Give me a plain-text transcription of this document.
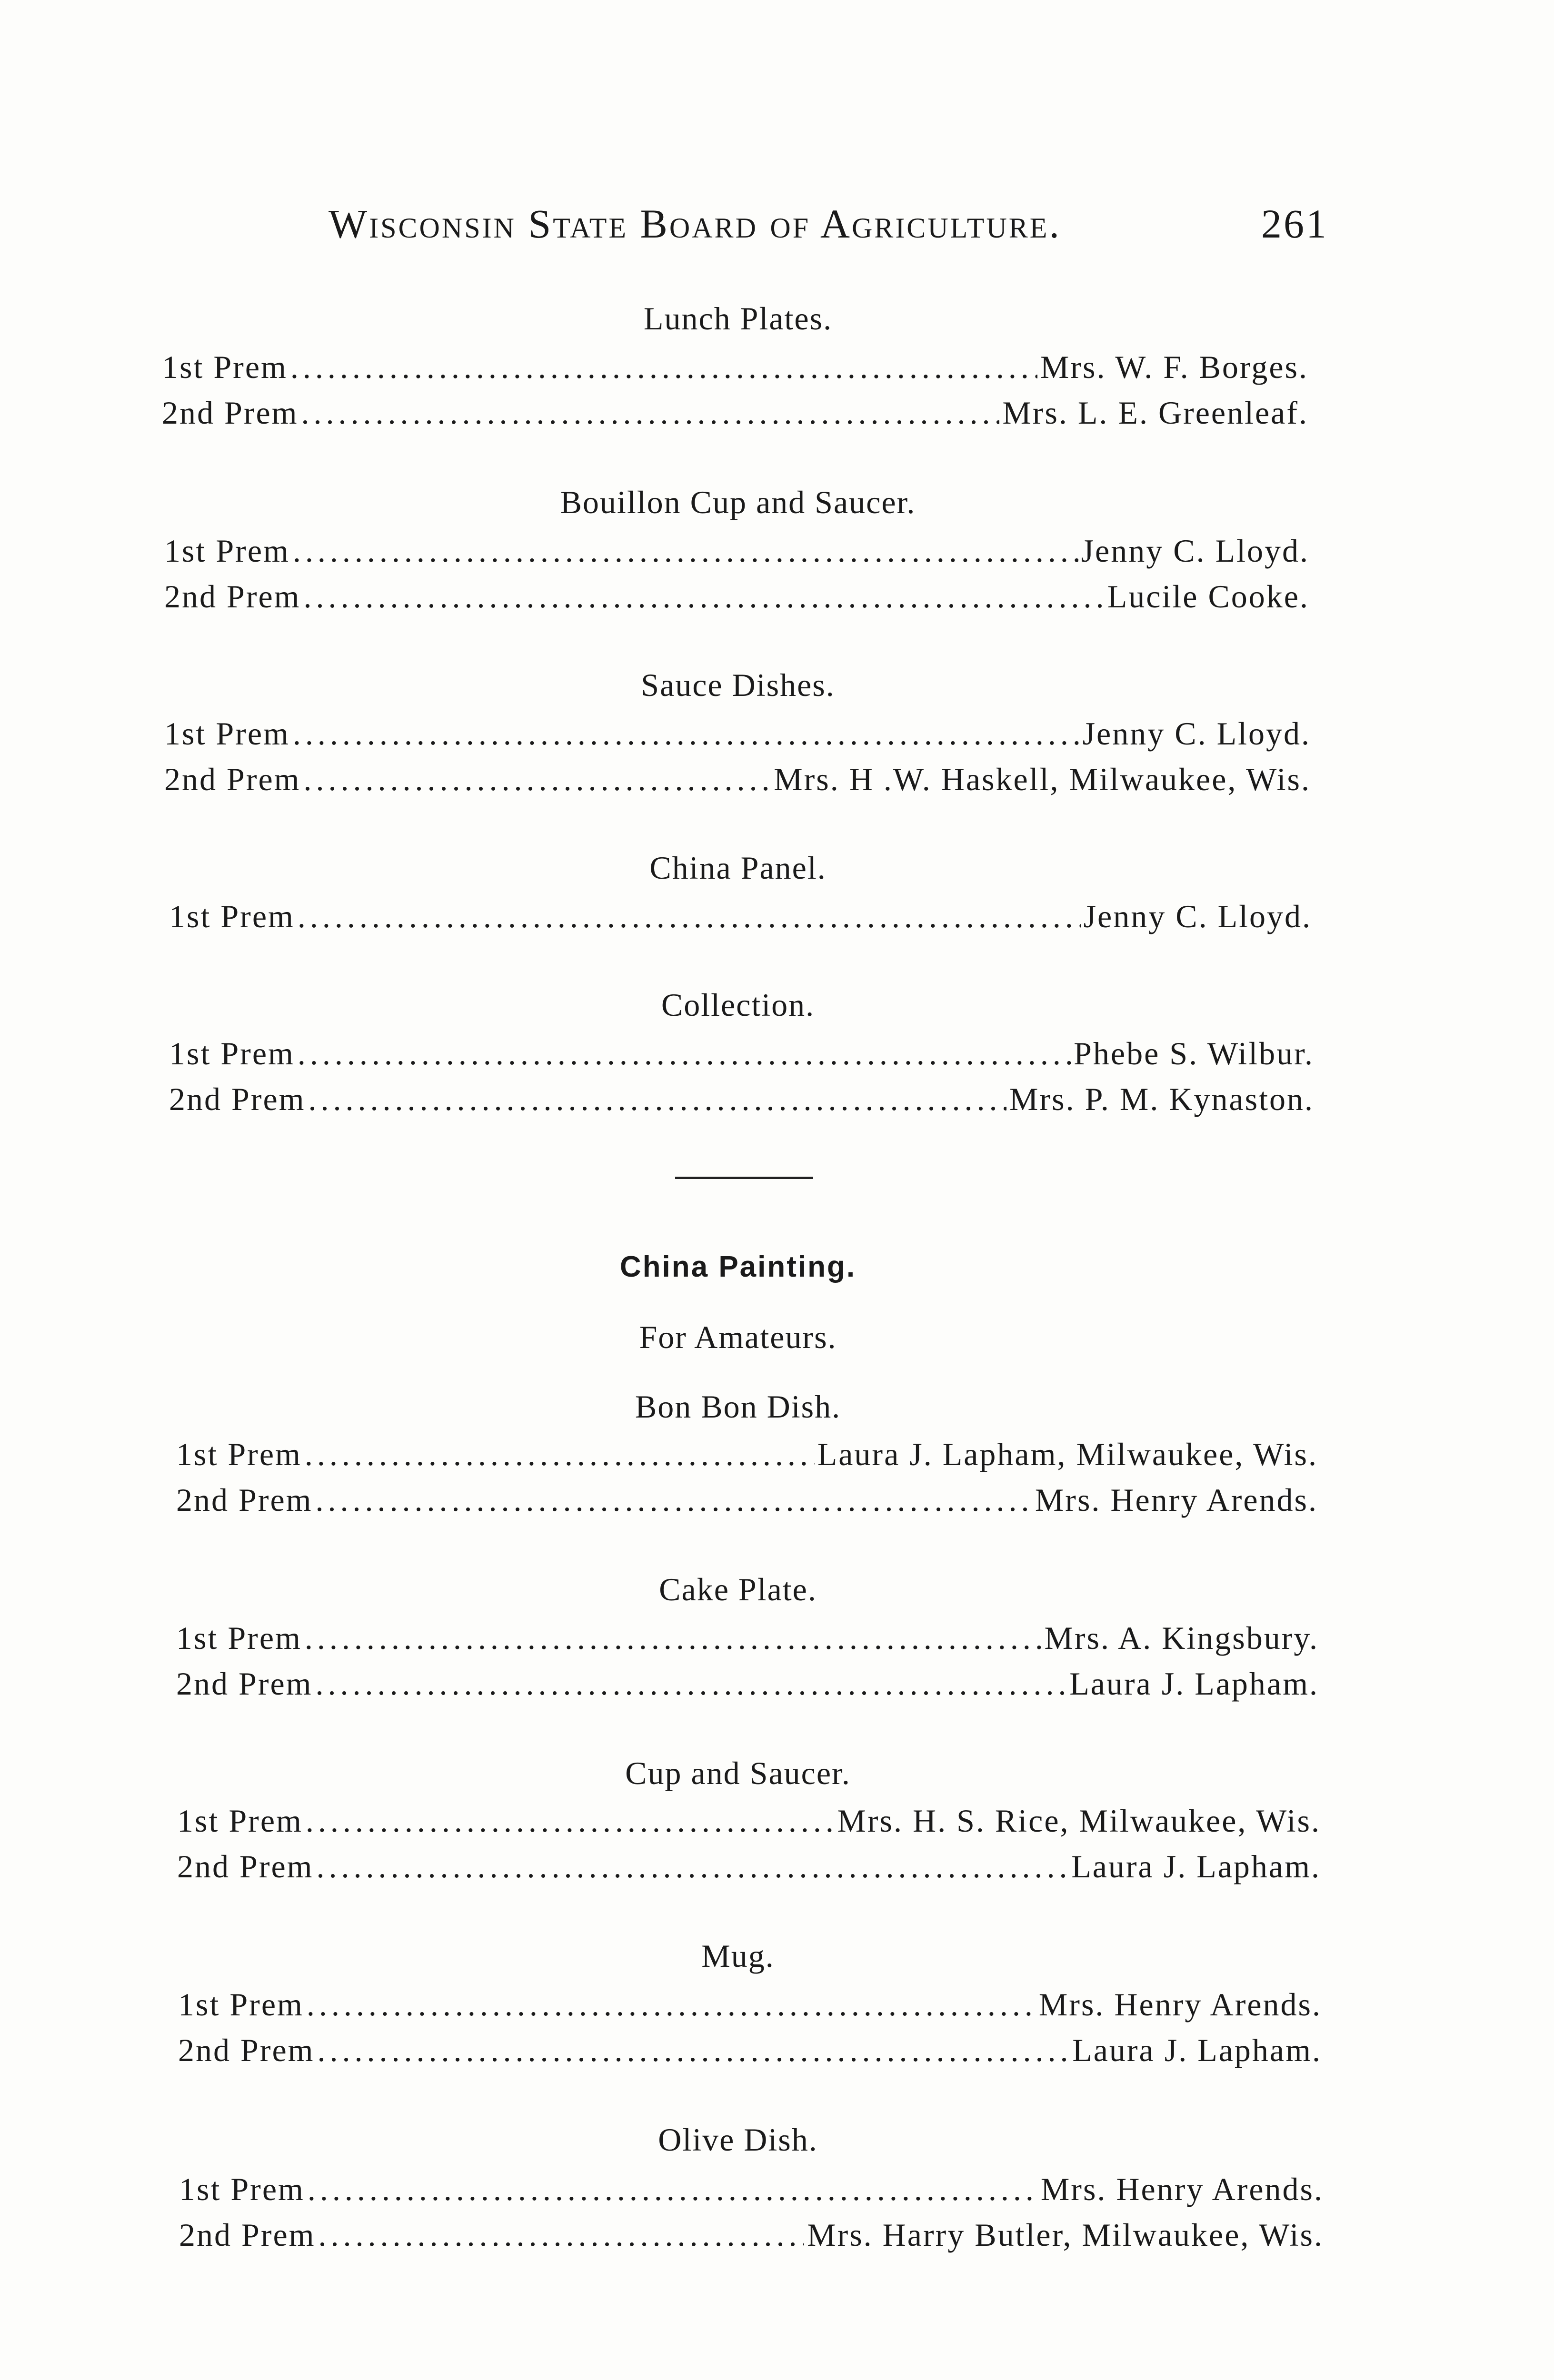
Wisconsin State Board of Agriculture.	261
Lunch Plates.
1st Prem .....	Mrs. W. F. Borges.
2nd Prem .....	Mrs. L. E. Greenleaf.
Bouillon Cup and Saucer.
1st Prem .....	Jenny C. Lloyd.
2nd Prem .....	Lucile Cooke.
Sauce Dishes.
1st Prem .....	Jenny C. Lloyd.
2nd Prem .....	Mrs. H .W. Haskell, Milwaukee, Wis.
China Panel.
1st Prem .....	Jenny C. Lloyd.
Collection.
1st Prem .....	Phebe S. Wilbur.
2nd Prem .....	Mrs. P. M. Kynaston.
China Painting.
For Amateurs.
Bon Bon Dish.
1st Prem .....	Laura J. Lapham, Milwaukee, Wis.
2nd Prem .....	Mrs. Henry Arends.
Cake Plate.
1st Prem .....	Mrs. A. Kingsbury.
2nd Prem .....	Laura J. Lapham.
Cup and Saucer.
1st Prem .....	Mrs. H. S. Rice, Milwaukee, Wis.
2nd Prem .....	Laura J. Lapham.
Mug.
1st Prem .....	Mrs. Henry Arends.
2nd Prem .....	Laura J. Lapham.
Olive Dish.
1st Prem .....	Mrs. Henry Arends.
2nd Prem .....	Mrs. Harry Butler, Milwaukee, Wis.
